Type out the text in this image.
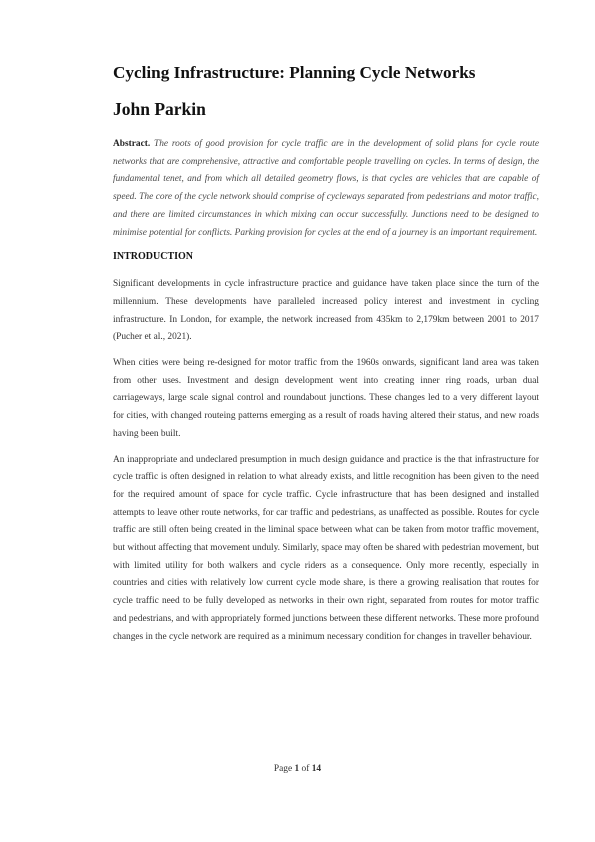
Cycling Infrastructure: Planning Cycle Networks
John Parkin

Abstract. The roots of good provision for cycle traffic are in the development of solid plans for cycle route networks that are comprehensive, attractive and comfortable people travelling on cycles. In terms of design, the fundamental tenet, and from which all detailed geometry flows, is that cycles are vehicles that are capable of speed. The core of the cycle network should comprise of cycleways separated from pedestrians and motor traffic, and there are limited circumstances in which mixing can occur successfully. Junctions need to be designed to minimise potential for conflicts. Parking provision for cycles at the end of a journey is an important requirement.

INTRODUCTION

Significant developments in cycle infrastructure practice and guidance have taken place since the turn of the millennium. These developments have paralleled increased policy interest and investment in cycling infrastructure. In London, for example, the network increased from 435km to 2,179km between 2001 to 2017 (Pucher et al., 2021).

When cities were being re-designed for motor traffic from the 1960s onwards, significant land area was taken from other uses. Investment and design development went into creating inner ring roads, urban dual carriageways, large scale signal control and roundabout junctions. These changes led to a very different layout for cities, with changed routeing patterns emerging as a result of roads having altered their status, and new roads having been built.

An inappropriate and undeclared presumption in much design guidance and practice is the that infrastructure for cycle traffic is often designed in relation to what already exists, and little recognition has been given to the need for the required amount of space for cycle traffic. Cycle infrastructure that has been designed and installed attempts to leave other route networks, for car traffic and pedestrians, as unaffected as possible. Routes for cycle traffic are still often being created in the liminal space between what can be taken from motor traffic movement, but without affecting that movement unduly. Similarly, space may often be shared with pedestrian movement, but with limited utility for both walkers and cycle riders as a consequence. Only more recently, especially in countries and cities with relatively low current cycle mode share, is there a growing realisation that routes for cycle traffic need to be fully developed as networks in their own right, separated from routes for motor traffic and pedestrians, and with appropriately formed junctions between these different networks. These more profound changes in the cycle network are required as a minimum necessary condition for changes in traveller behaviour.

Page 1 of 14
